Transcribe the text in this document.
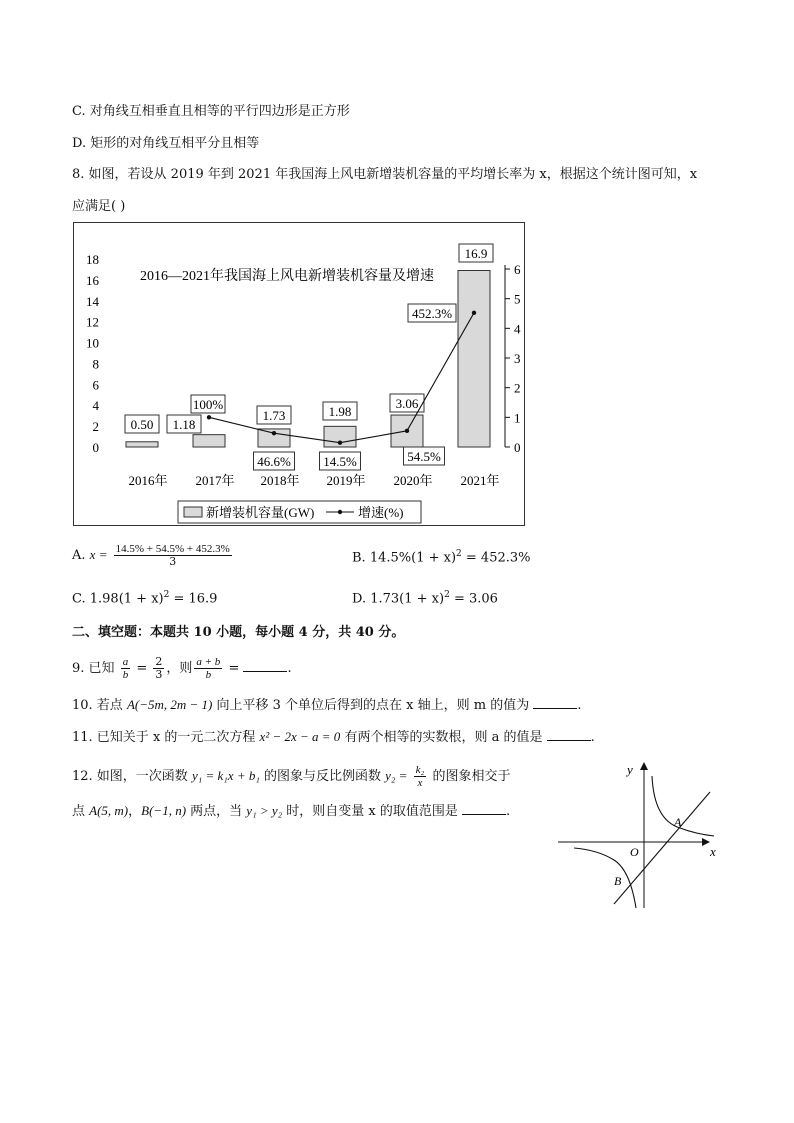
C. 对角线互相垂直且相等的平行四边形是正方形
D. 矩形的对角线互相平分且相等
8. 如图，若设从 2019 年到 2021 年我国海上风电新增装机容量的平均增长率为 x，根据这个统计图可知，x
应满足( )
0
2
4
6
8
10
12
14
16
18
0
1
2
3
4
5
6
2016—2021年我国海上风电新增装机容量及增速
0.50 1.18
1.73	1.98
3.06
16.9
100%
46.6% 14.5%	54.5%
452.3%
2016年 2017年 2018年 2019年 2020年 2021年
新增装机容量(GW)	增速(%)
A. $x = \frac{14.5\% + 54.5\% + 452.3\%}{3}$	B. $14.5\%(1 + x)^2 = 452.3\%$
C. $1.98(1 + x)^2 = 16.9$	D. $1.73(1 + x)^2 = 3.06$
二、填空题：本题共 10 小题，每小题 4 分，共 40 分。
9. 已知 $\frac{a}{b} = \frac{2}{3}$ ，则 $\frac{a + b}{b}$ =	.
10. 若点 A(−5m, 2m − 1) 向上平移 3 个单位后得到的点在 x 轴上，则 m 的值为	.
11. 已知关于 x 的一元二次方程 x² − 2x − a = 0 有两个相等的实数根，则 a 的值是	.
12. 如图，一次函数 y₁ = k₁x + b₁ 的图象与反比例函数 $y_2 = \frac{\text{k₂}}{x}$ 的图象相交于
点 A(5, m)，B(−1, n) 两点，当 y₁ > y₂ 时，则自变量 x 的取值范围是	.
y
x
O
A
B
